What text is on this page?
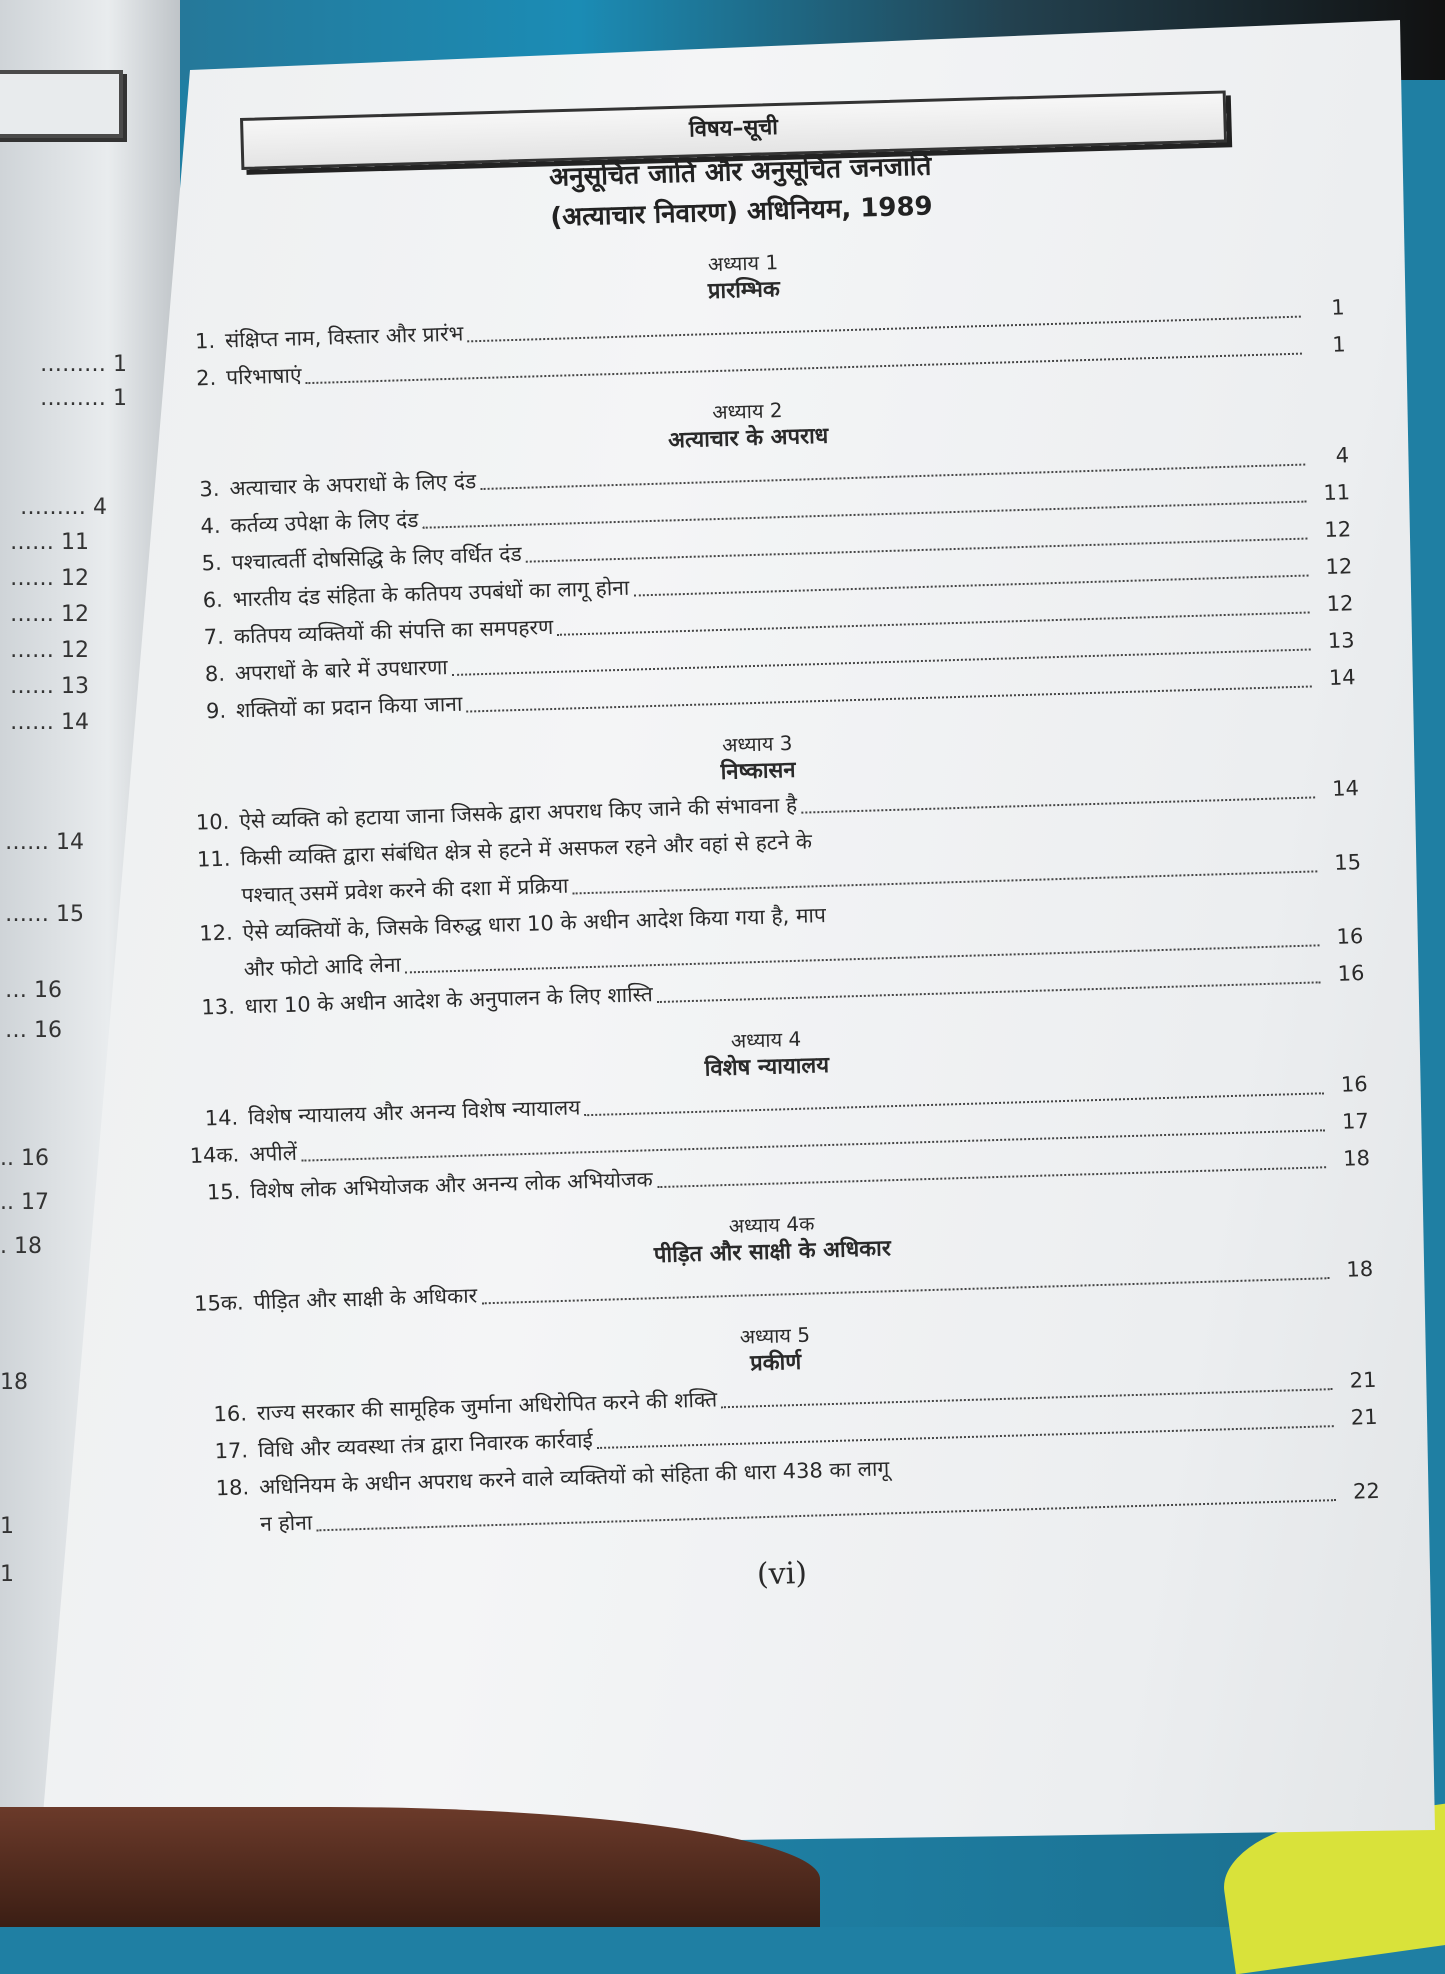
……… 1
……… 1
……… 4
…… 11
…… 12
…… 12
…… 12
…… 13
…… 14
…… 14
…… 15
… 16
… 16
.. 16
.. 17
. 18
18
1
1
विषय–सूची
अनुसूचित जाति और अनुसूचित जनजाति
(अत्याचार निवारण) अधिनियम, 1989
अध्याय 1
प्रारम्भिक
1. संक्षिप्त नाम, विस्तार और प्रारंभ
1
2. परिभाषाएं
1
अध्याय 2
अत्याचार के अपराध
3. अत्याचार के अपराधों के लिए दंड
4
4. कर्तव्य उपेक्षा के लिए दंड
11
5. पश्चात्वर्ती दोषसिद्धि के लिए वर्धित दंड
12
6. भारतीय दंड संहिता के कतिपय उपबंधों का लागू होना
12
7. कतिपय व्यक्तियों की संपत्ति का समपहरण
12
8. अपराधों के बारे में उपधारणा
13
9. शक्तियों का प्रदान किया जाना
14
अध्याय 3
निष्कासन
10. ऐसे व्यक्ति को हटाया जाना जिसके द्वारा अपराध किए जाने की संभावना है
14
11. किसी व्यक्ति द्वारा संबंधित क्षेत्र से हटने में असफल रहने और वहां से हटने के
पश्चात् उसमें प्रवेश करने की दशा में प्रक्रिया
15
12. ऐसे व्यक्तियों के, जिसके विरुद्ध धारा 10 के अधीन आदेश किया गया है, माप
और फोटो आदि लेना
16
13. धारा 10 के अधीन आदेश के अनुपालन के लिए शास्ति
16
अध्याय 4
विशेष न्यायालय
14. विशेष न्यायालय और अनन्य विशेष न्यायालय
16
14क. अपीलें
17
15. विशेष लोक अभियोजक और अनन्य लोक अभियोजक
18
अध्याय 4क
पीड़ित और साक्षी के अधिकार
15क. पीड़ित और साक्षी के अधिकार
18
अध्याय 5
प्रकीर्ण
16. राज्य सरकार की सामूहिक जुर्माना अधिरोपित करने की शक्ति
21
17. विधि और व्यवस्था तंत्र द्वारा निवारक कार्रवाई
21
18. अधिनियम के अधीन अपराध करने वाले व्यक्तियों को संहिता की धारा 438 का लागू
न होना
22
(vi)
